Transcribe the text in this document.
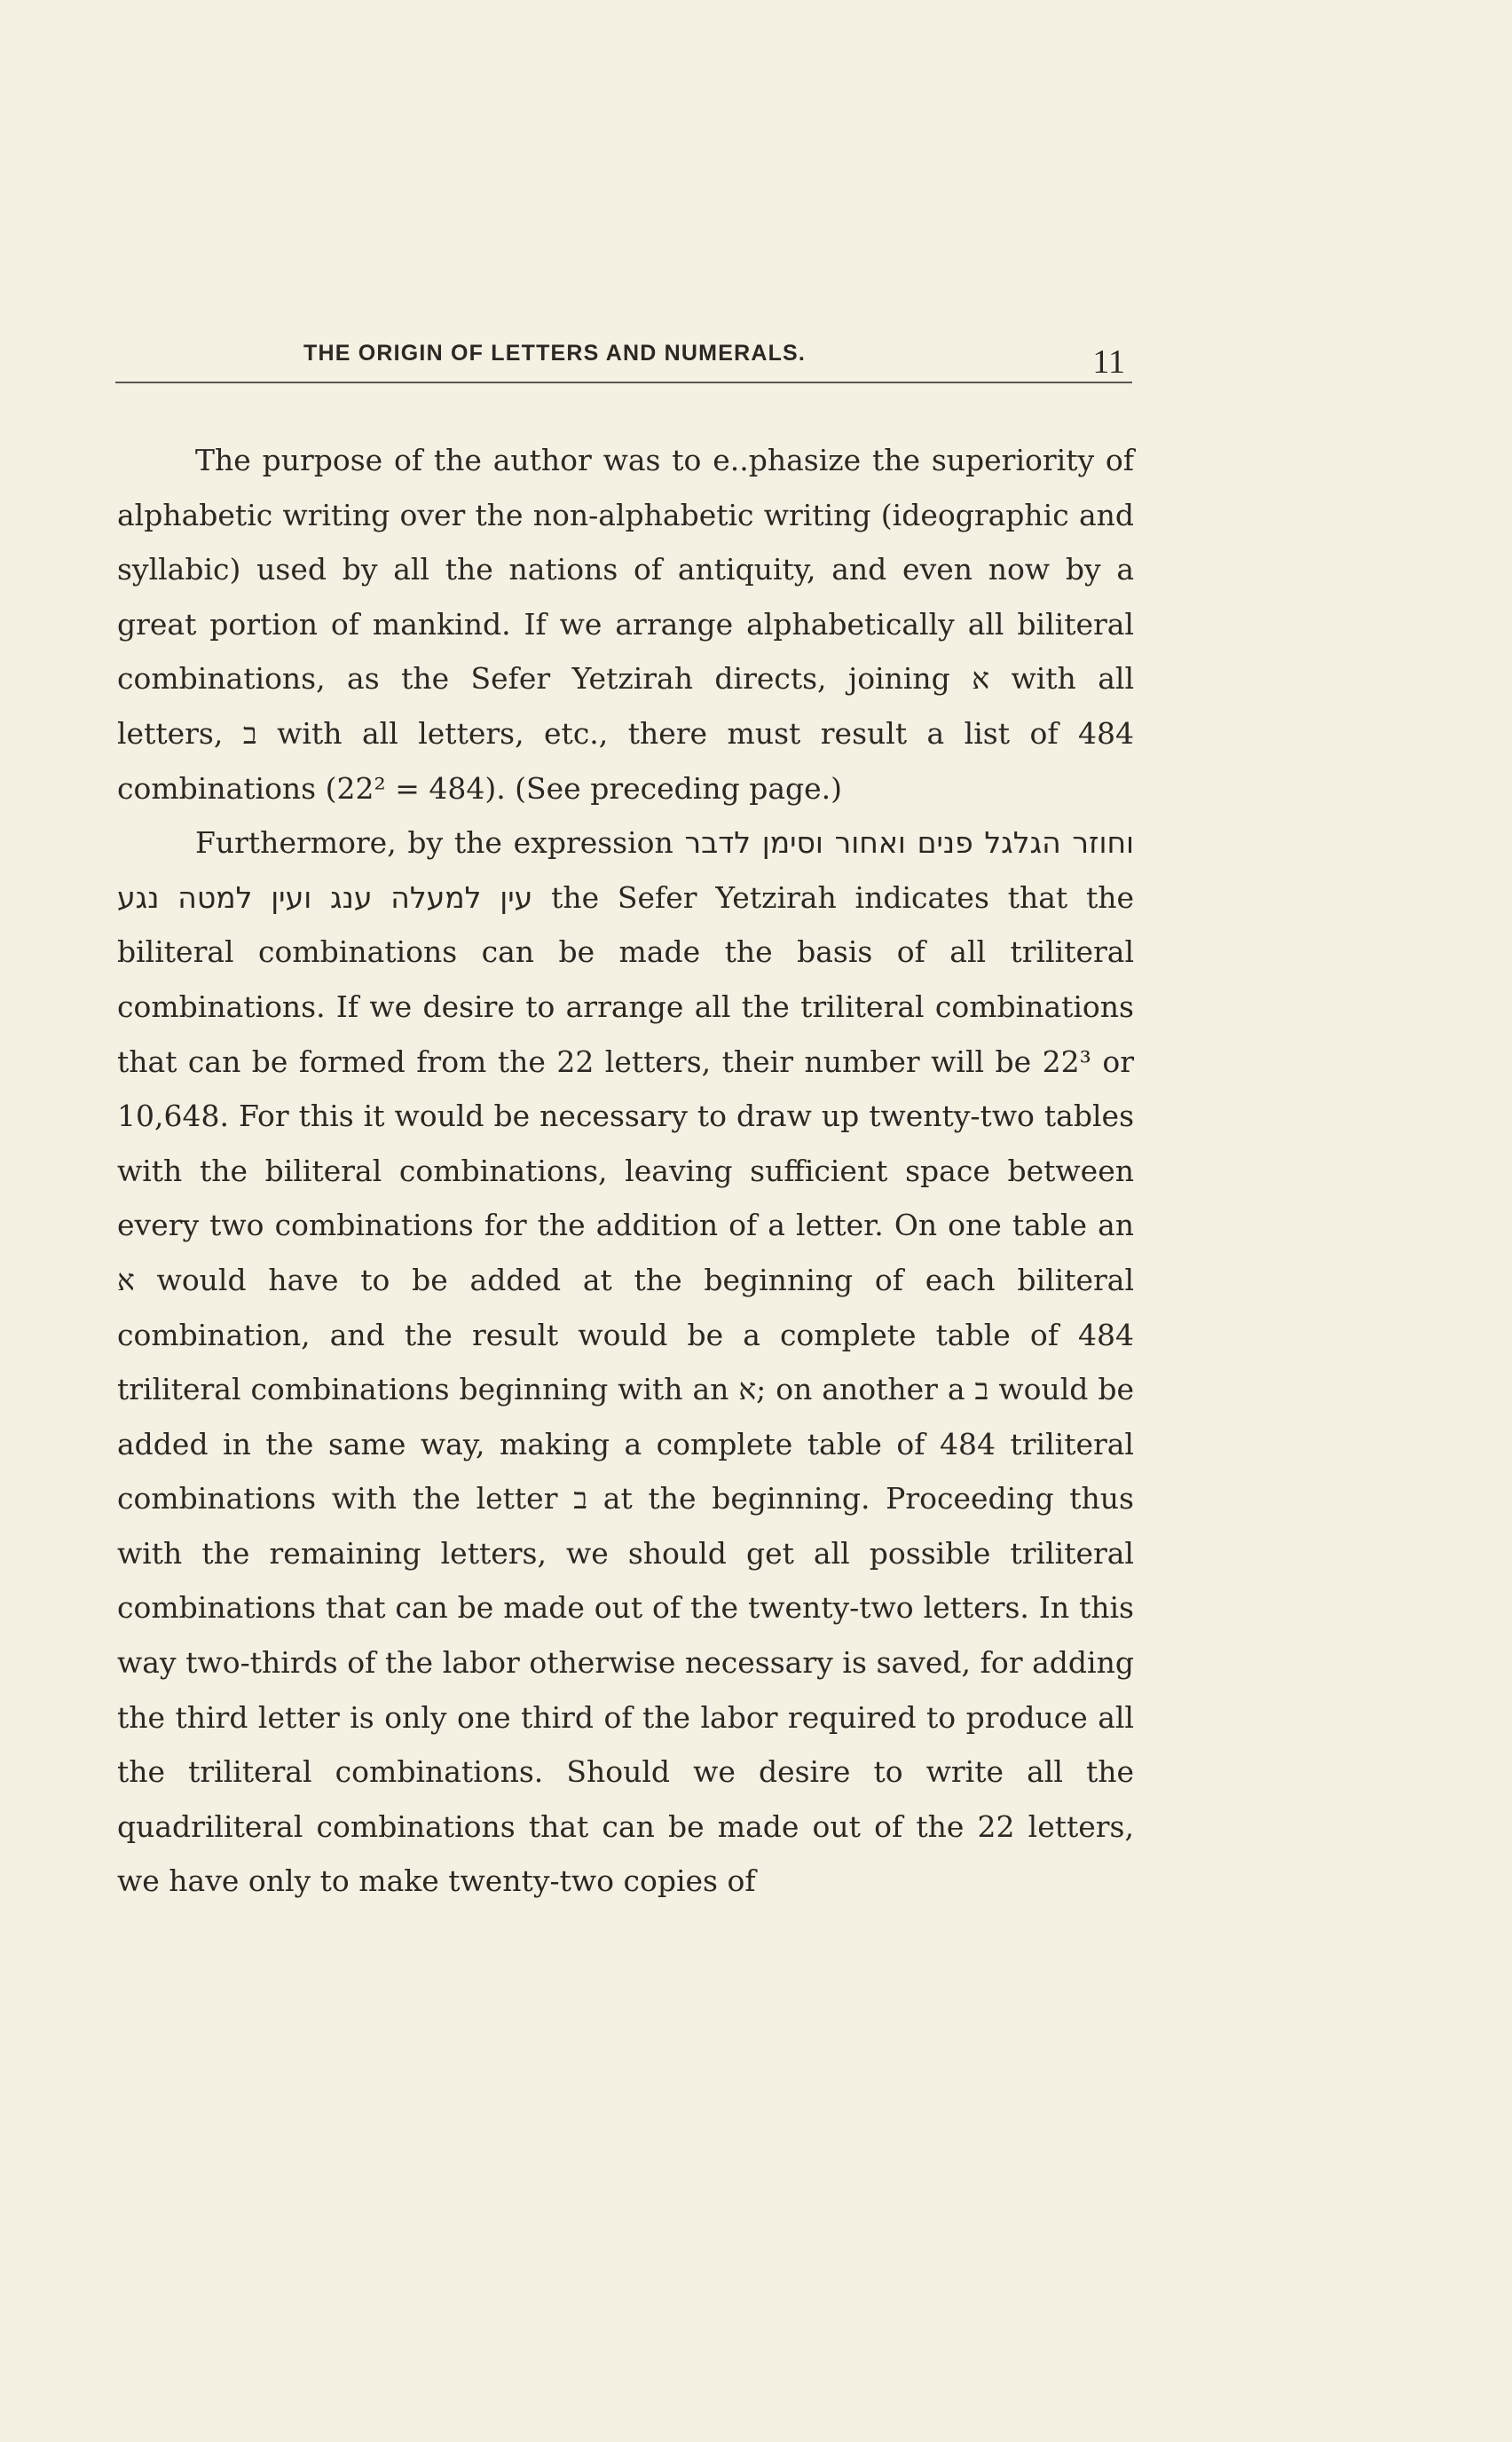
THE ORIGIN OF LETTERS AND NUMERALS.	11

The purpose of the author was to e..phasize the superiority of alphabetic writing over the non-alphabetic writing (ideographic and syllabic) used by all the nations of antiquity, and even now by a great portion of mankind. If we arrange alphabetically all biliteral combinations, as the Sefer Yetzirah directs, joining א with all letters, ב with all letters, etc., there must result a list of 484 combinations (22² = 484). (See preceding page.)

Furthermore, by the expression וחוזר הגלגל פנים ואחור וסימן לדבר עין למעלה ענג ועין למטה נגע the Sefer Yetzirah indicates that the biliteral combinations can be made the basis of all triliteral combinations. If we desire to arrange all the triliteral combinations that can be formed from the 22 letters, their number will be 22³ or 10,648. For this it would be necessary to draw up twenty-two tables with the biliteral combinations, leaving sufficient space between every two combinations for the addition of a letter. On one table an א would have to be added at the beginning of each biliteral combination, and the result would be a complete table of 484 triliteral combinations beginning with an א; on another a ב would be added in the same way, making a complete table of 484 triliteral combinations with the letter ב at the beginning. Proceeding thus with the remaining letters, we should get all possible triliteral combinations that can be made out of the twenty-two letters. In this way two-thirds of the labor otherwise necessary is saved, for adding the third letter is only one third of the labor required to produce all the triliteral combinations. Should we desire to write all the quadriliteral combinations that can be made out of the 22 letters, we have only to make twenty-two copies of
